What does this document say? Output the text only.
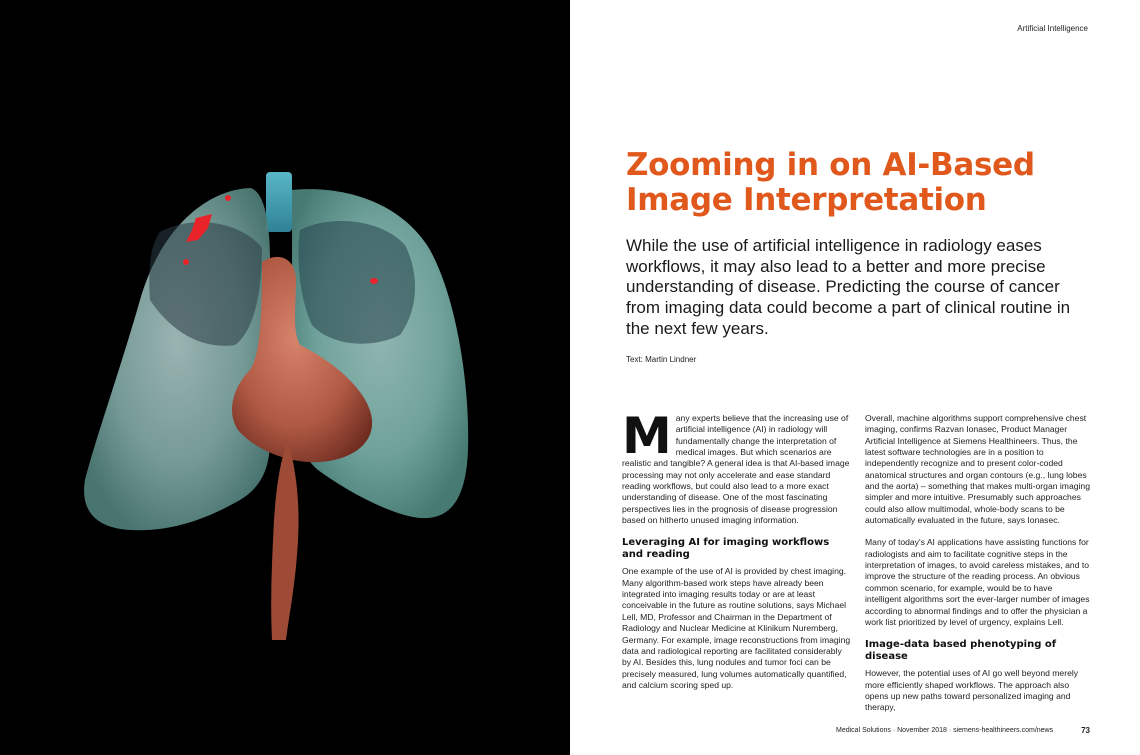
Artificial Intelligence
Zooming in on AI-Based Image Interpretation

While the use of artificial intelligence in radiology eases workflows, it may also lead to a better and more precise understanding of disease. Predicting the course of cancer from imaging data could become a part of clinical routine in the next few years.

Text: Martin Lindner

Many experts believe that the increasing use of artificial intelligence (AI) in radiology will fundamentally change the interpretation of medical images. But which scenarios are realistic and tangible? A general idea is that AI-based image processing may not only accelerate and ease standard reading workflows, but could also lead to a more exact understanding of disease. One of the most fascinating perspectives lies in the prognosis of disease progression based on hitherto unused imaging information.

Leveraging AI for imaging workflows and reading

One example of the use of AI is provided by chest imaging. Many algorithm-based work steps have already been integrated into imaging results today or are at least conceivable in the future as routine solutions, says Michael Lell, MD, Professor and Chairman in the Department of Radiology and Nuclear Medicine at Klinikum Nuremberg, Germany. For example, image reconstructions from imaging data and radiological reporting are facilitated considerably by AI. Besides this, lung nodules and tumor foci can be precisely measured, lung volumes automatically quantified, and calcium scoring sped up.

Overall, machine algorithms support comprehensive chest imaging, confirms Razvan Ionasec, Product Manager Artificial Intelligence at Siemens Healthineers. Thus, the latest software technologies are in a position to independently recognize and to present color-coded anatomical structures and organ contours (e.g., lung lobes and the aorta) – something that makes multi-organ imaging simpler and more intuitive. Presumably such approaches could also allow multimodal, whole-body scans to be automatically evaluated in the future, says Ionasec.

Many of today's AI applications have assisting functions for radiologists and aim to facilitate cognitive steps in the interpretation of images, to avoid careless mistakes, and to improve the structure of the reading process. An obvious common scenario, for example, would be to have intelligent algorithms sort the ever-larger number of images according to abnormal findings and to offer the physician a work list prioritized by level of urgency, explains Lell.

Image-data based phenotyping of disease

However, the potential uses of AI go well beyond merely more efficiently shaped workflows. The approach also opens up new paths toward personalized imaging and therapy,

Medical Solutions · November 2018 · siemens-healthineers.com/news	73
